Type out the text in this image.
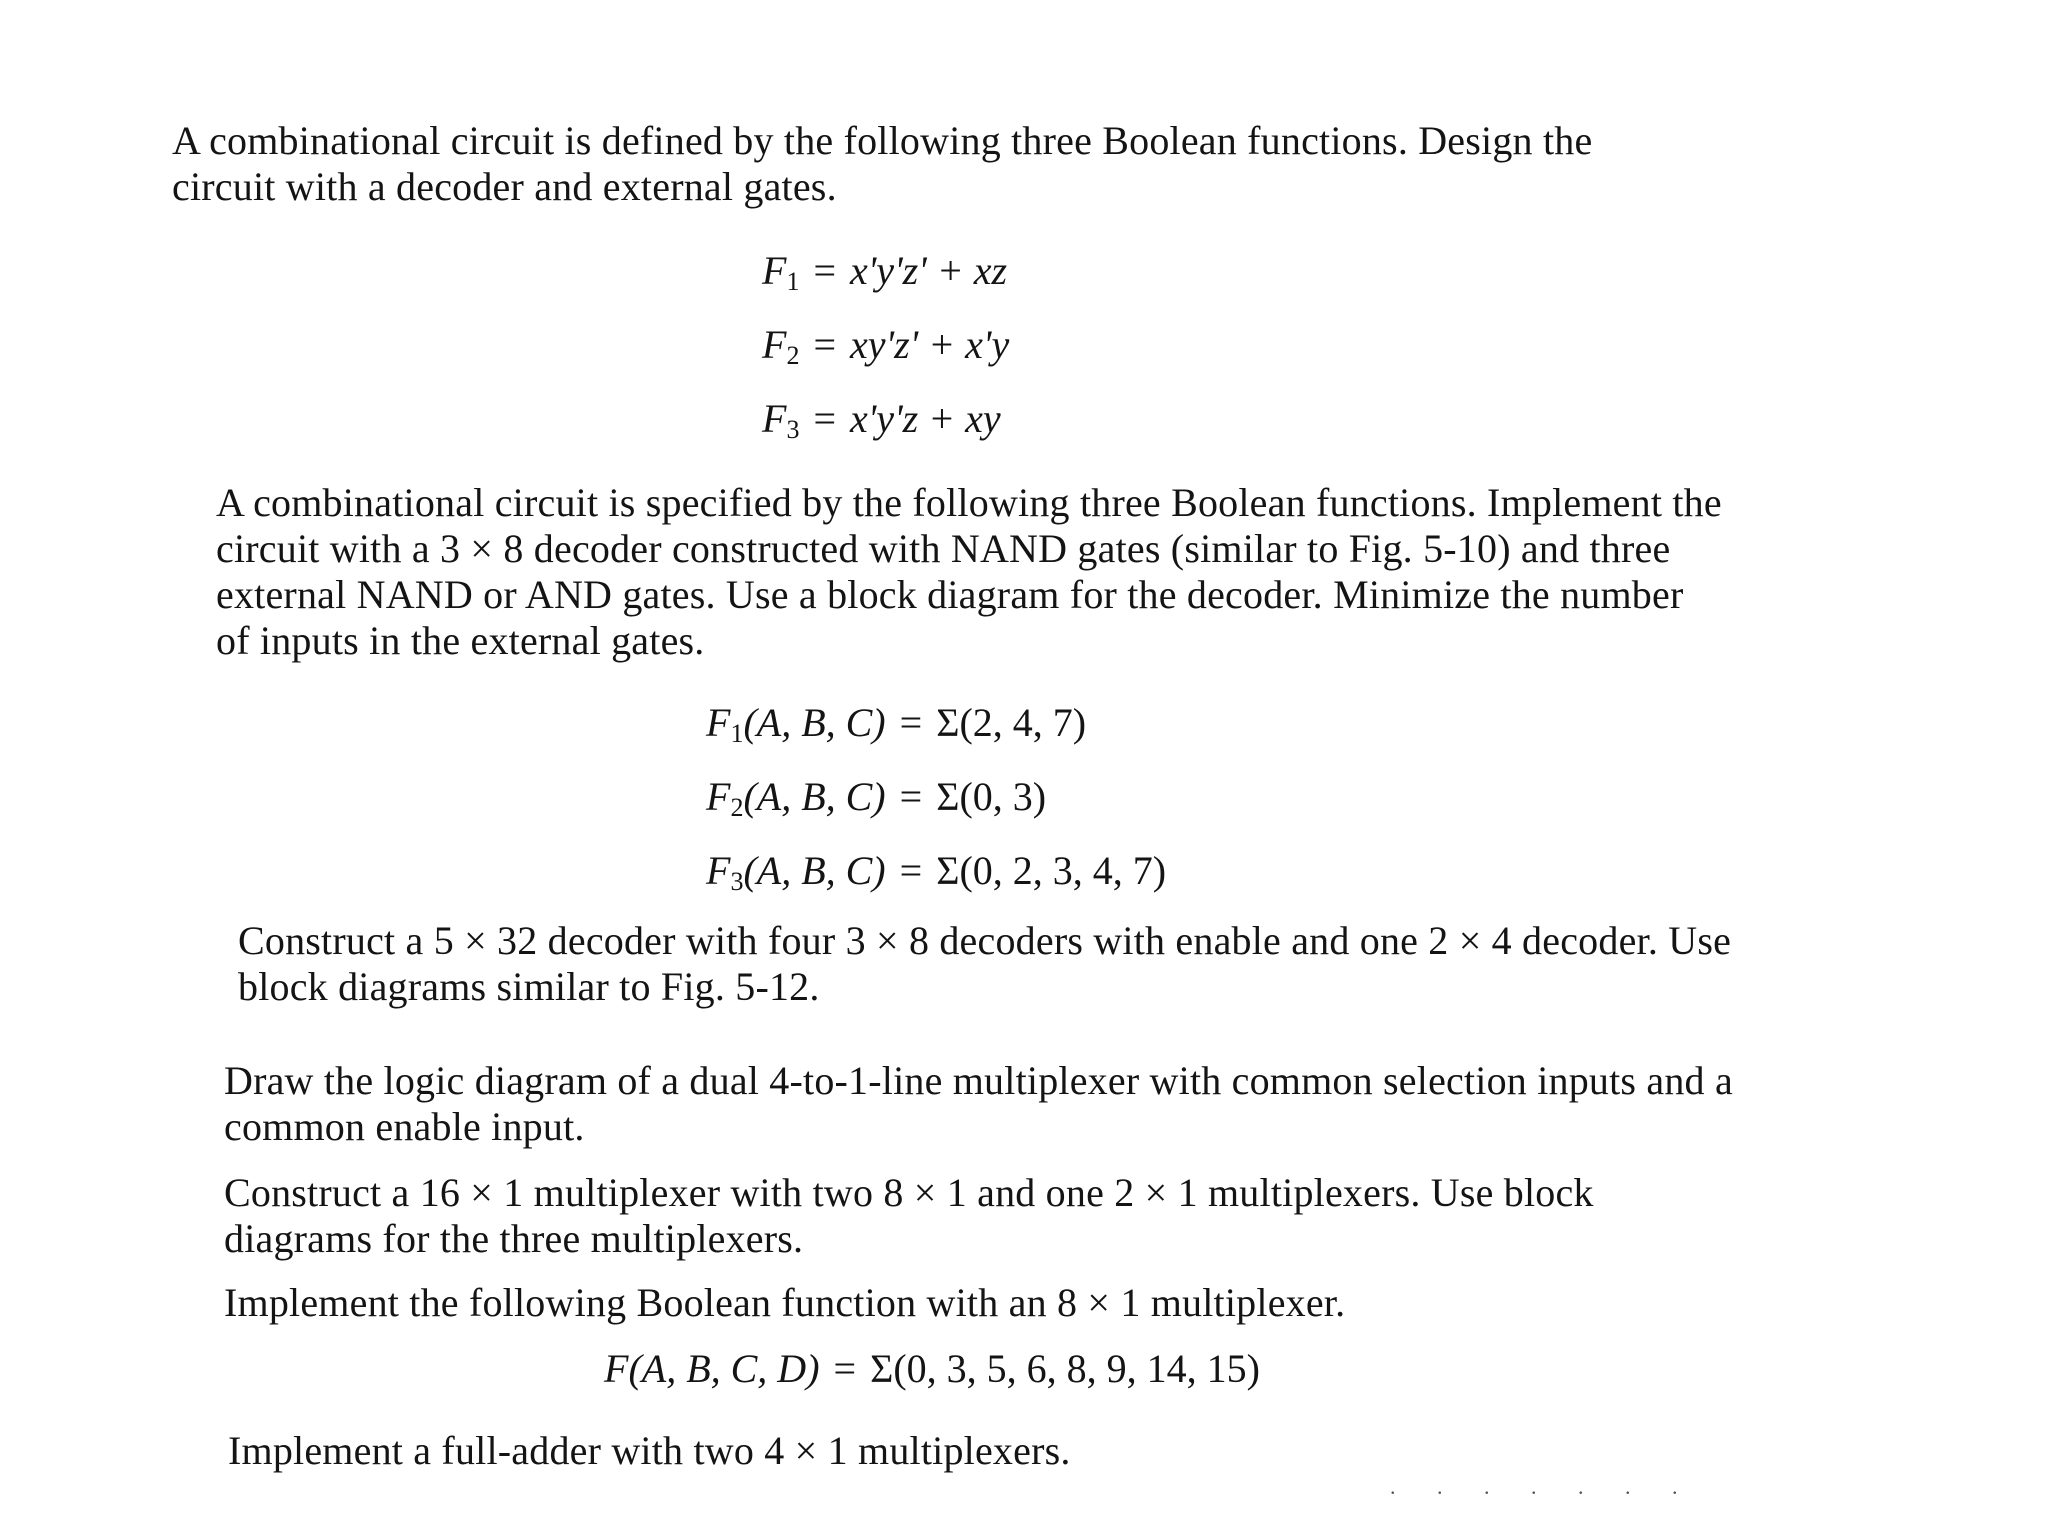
A combinational circuit is defined by the following three Boolean functions. Design the circuit with a decoder and external gates.
F1 = x'y'z' + xz
F2 = xy'z' + x'y
F3 = x'y'z + xy
A combinational circuit is specified by the following three Boolean functions. Implement the circuit with a 3 × 8 decoder constructed with NAND gates (similar to Fig. 5-10) and three external NAND or AND gates. Use a block diagram for the decoder. Minimize the number of inputs in the external gates.
F1(A, B, C) = Σ(2, 4, 7)
F2(A, B, C) = Σ(0, 3)
F3(A, B, C) = Σ(0, 2, 3, 4, 7)
Construct a 5 × 32 decoder with four 3 × 8 decoders with enable and one 2 × 4 decoder. Use block diagrams similar to Fig. 5-12.
Draw the logic diagram of a dual 4-to-1-line multiplexer with common selection inputs and a common enable input.
Construct a 16 × 1 multiplexer with two 8 × 1 and one 2 × 1 multiplexers. Use block diagrams for the three multiplexers.
Implement the following Boolean function with an 8 × 1 multiplexer.
F(A, B, C, D) = Σ(0, 3, 5, 6, 8, 9, 14, 15)
Implement a full-adder with two 4 × 1 multiplexers.
. . . . . . .
